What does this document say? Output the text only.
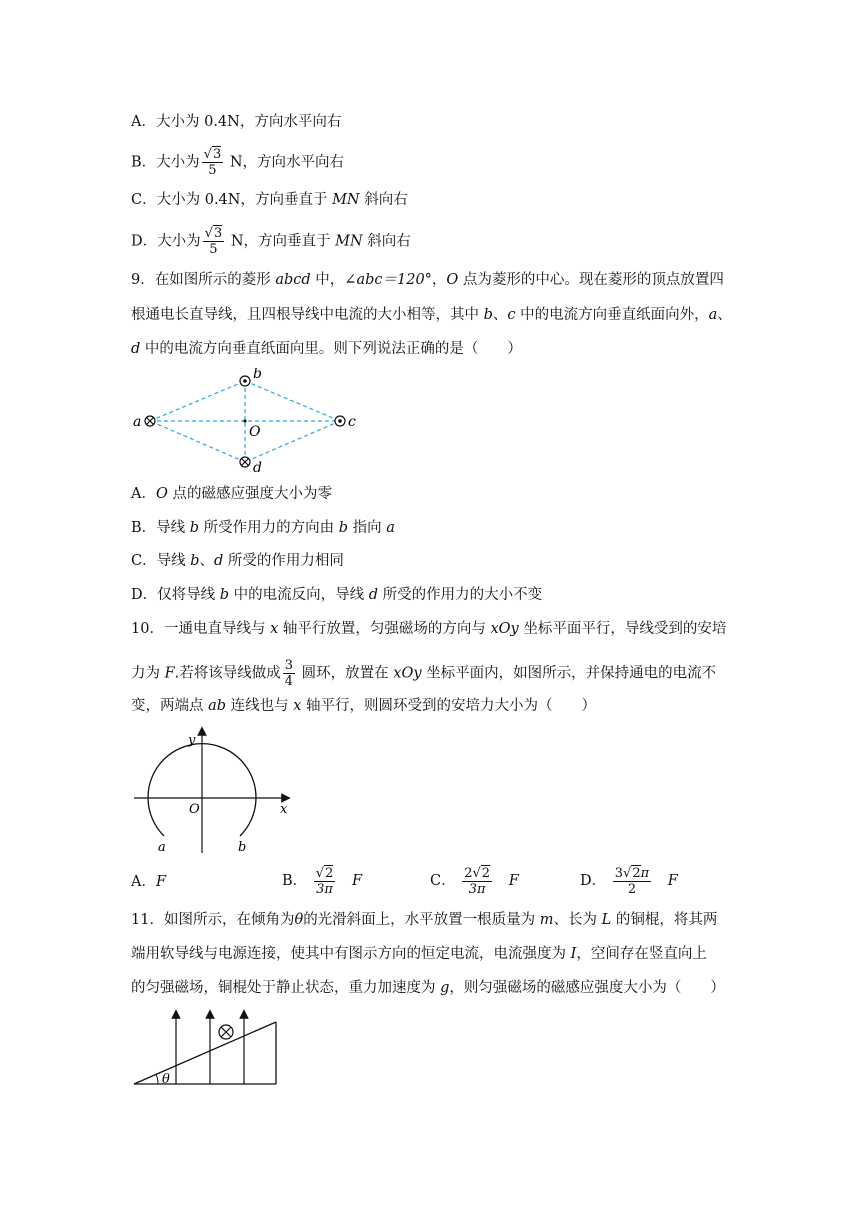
A．大小为 0.4N，方向水平向右
B．大小为 $\frac{√3}{5}$ N，方向水平向右
C．大小为 0.4N，方向垂直于 MN 斜向右
D．大小为 $\frac{√3}{5}$ N，方向垂直于 MN 斜向右
9．在如图所示的菱形 abcd 中，∠abc＝120°，O 点为菱形的中心。现在菱形的顶点放置四
根通电长直导线，且四根导线中电流的大小相等，其中 b、c 中的电流方向垂直纸面向外，a、
d 中的电流方向垂直纸面向里。则下列说法正确的是（　　）
a
b
c
d
O
A．O 点的磁感应强度大小为零
B．导线 b 所受作用力的方向由 b 指向 a
C．导线 b、d 所受的作用力相同
D．仅将导线 b 中的电流反向，导线 d 所受的作用力的大小不变
10．一通电直导线与 x 轴平行放置，匀强磁场的方向与 xOy 坐标平面平行，导线受到的安培
力为 F.若将该导线做成 $\frac{3}{4}$ 圆环，放置在 xOy 坐标平面内，如图所示，并保持通电的电流不
变，两端点 ab 连线也与 x 轴平行，则圆环受到的安培力大小为（　　）
y
x
O
a	b
A．F	B． $\frac{√2}{3\pi}$ F	C． $\frac{2√2}{3\pi}$ F	D． $\frac{3√2\pi}{2}$ F
11．如图所示，在倾角为θ的光滑斜面上，水平放置一根质量为 m、长为 L 的铜棍，将其两
端用软导线与电源连接，使其中有图示方向的恒定电流，电流强度为 I，空间存在竖直向上
的匀强磁场，铜棍处于静止状态，重力加速度为 g，则匀强磁场的磁感应强度大小为（　　）
θ
